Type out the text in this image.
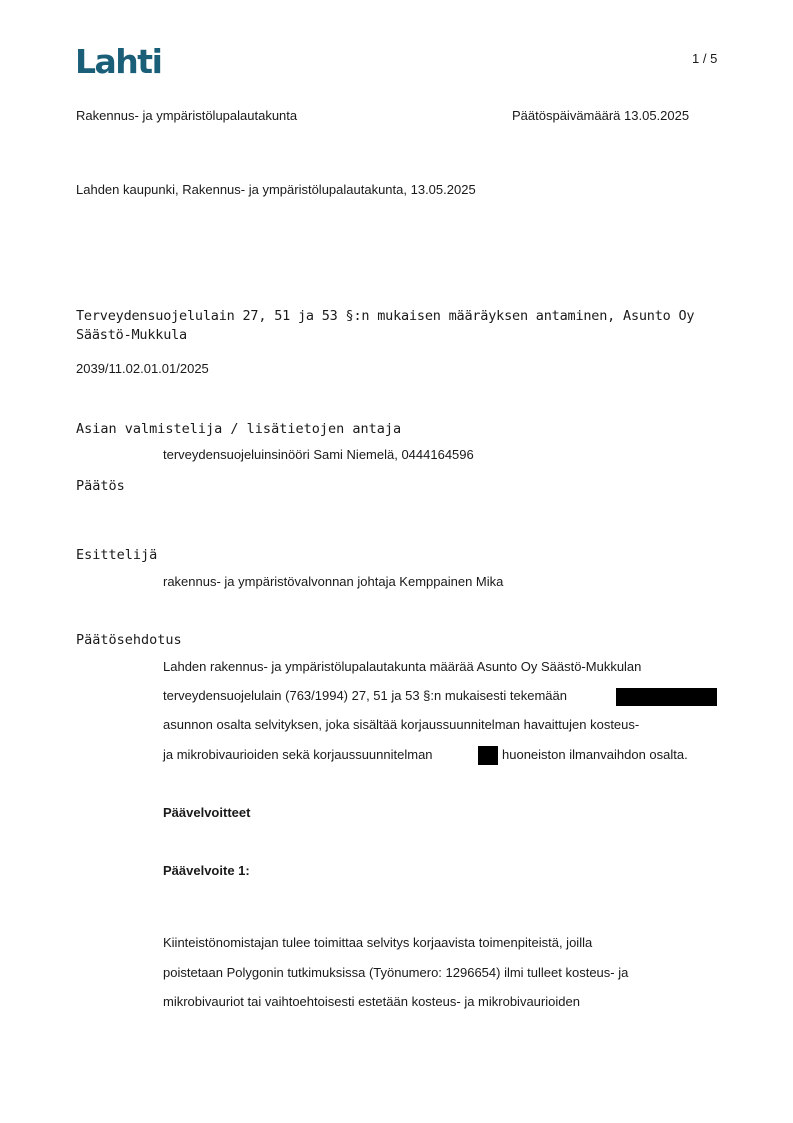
Lahti	1 / 5
Rakennus- ja ympäristölupalautakunta	Päätöspäivämäärä 13.05.2025
Lahden kaupunki, Rakennus- ja ympäristölupalautakunta, 13.05.2025
Terveydensuojelulain 27, 51 ja 53 §:n mukaisen määräyksen antaminen, Asunto Oy
Säästö-Mukkula
2039/11.02.01.01/2025
Asian valmistelija / lisätietojen antaja
terveydensuojeluinsinööri Sami Niemelä, 0444164596
Päätös
Esittelijä
rakennus- ja ympäristövalvonnan johtaja Kemppainen Mika
Päätösehdotus
Lahden rakennus- ja ympäristölupalautakunta määrää Asunto Oy Säästö-Mukkulan
terveydensuojelulain (763/1994) 27, 51 ja 53 §:n mukaisesti tekemään
asunnon osalta selvityksen, joka sisältää korjaussuunnitelman havaittujen kosteus-
ja mikrobivaurioiden sekä korjaussuunnitelman	huoneiston ilmanvaihdon osalta.
Päävelvoitteet
Päävelvoite 1:
Kiinteistönomistajan tulee toimittaa selvitys korjaavista toimenpiteistä, joilla
poistetaan Polygonin tutkimuksissa (Työnumero: 1296654) ilmi tulleet kosteus- ja
mikrobivauriot tai vaihtoehtoisesti estetään kosteus- ja mikrobivaurioiden
